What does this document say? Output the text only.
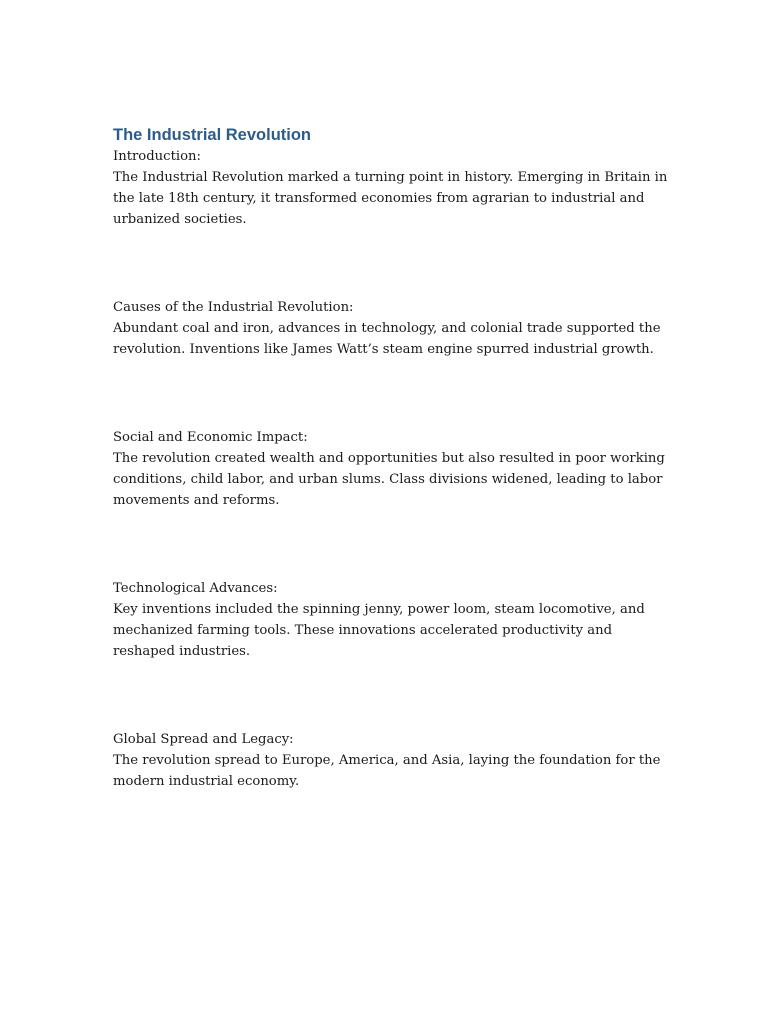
The Industrial Revolution

Introduction:

The Industrial Revolution marked a turning point in history. Emerging in Britain in the late 18th century, it transformed economies from agrarian to industrial and urbanized societies.

Causes of the Industrial Revolution:

Abundant coal and iron, advances in technology, and colonial trade supported the revolution. Inventions like James Watt’s steam engine spurred industrial growth.

Social and Economic Impact:

The revolution created wealth and opportunities but also resulted in poor working conditions, child labor, and urban slums. Class divisions widened, leading to labor movements and reforms.

Technological Advances:

Key inventions included the spinning jenny, power loom, steam locomotive, and mechanized farming tools. These innovations accelerated productivity and reshaped industries.

Global Spread and Legacy:

The revolution spread to Europe, America, and Asia, laying the foundation for the modern industrial economy.
